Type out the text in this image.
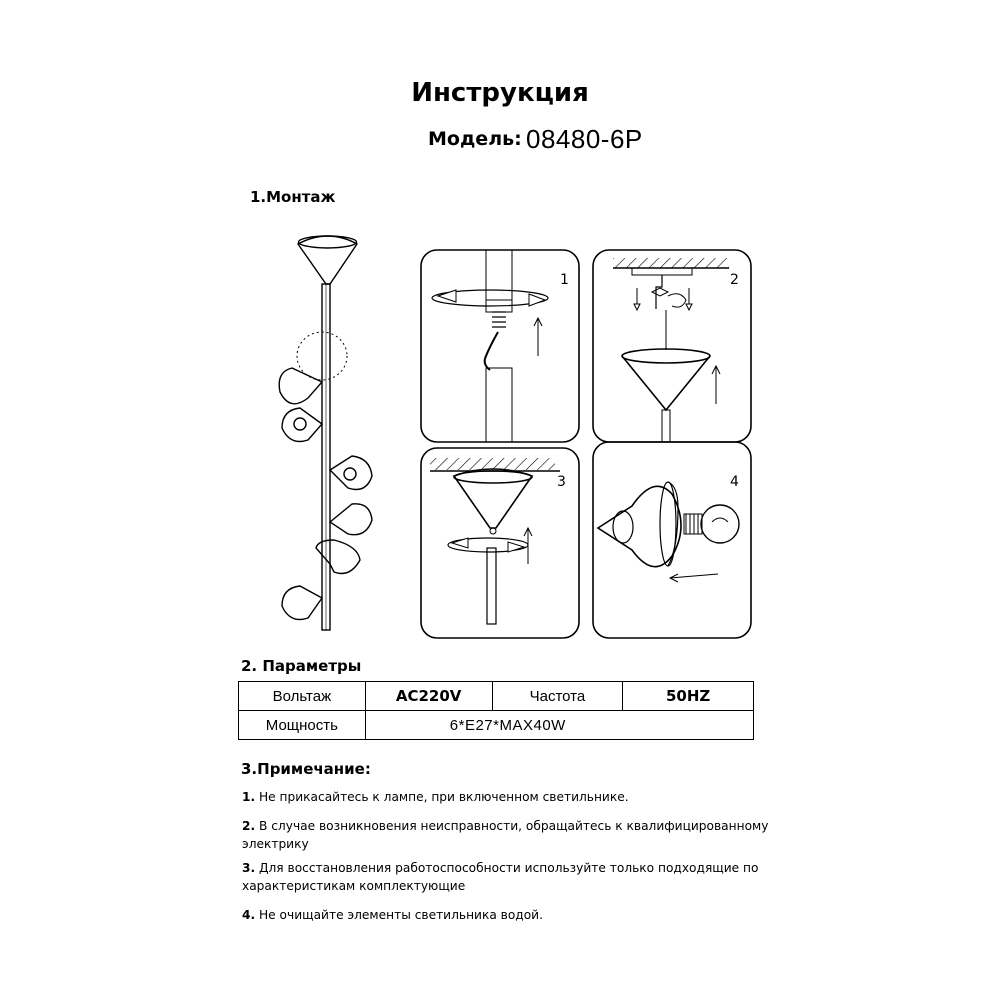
Инструкция
Модель: 08480-6P
1.Монтаж
1	2
3	4
2. Параметры
Вольтаж	AC220V	Частота	50HZ
Мощность	6*E27*MAX40W		
3.Примечание:
1. Не прикасайтесь к лампе, при включенном светильнике.
2. В случае возникновения неисправности, обращайтесь к квалифицированному электрику
3. Для восстановления работоспособности используйте только подходящие по характеристикам комплектующие
4. Не очищайте элементы светильника водой.
